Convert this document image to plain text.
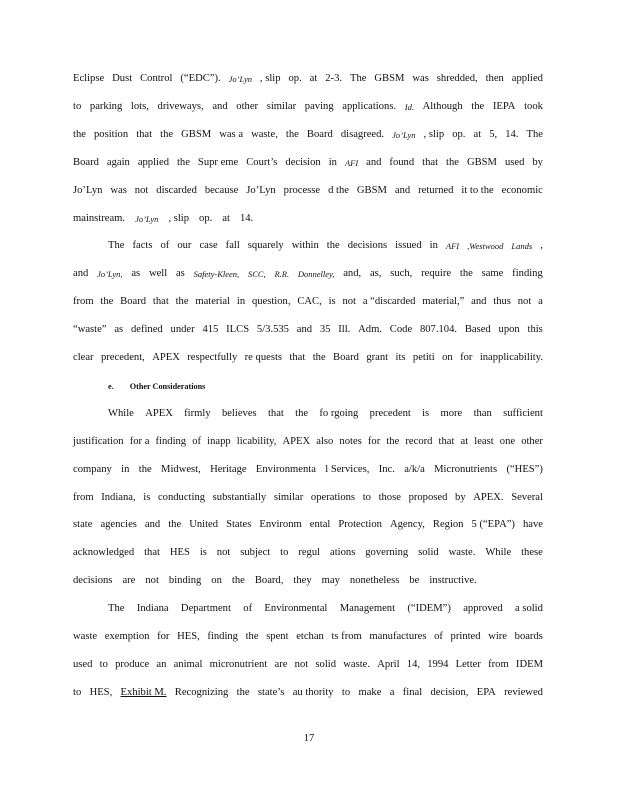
Eclipse Dust Control (“EDC”). Jo’Lyn , slip op. at 2-3. The GBSM was shredded, then applied
to parking lots, driveways, and other similar paving applications. Id. Although the IEPA took
the position that the GBSM was a waste, the Board disagreed. Jo’Lyn , slip op. at 5, 14. The
Board again applied the Supr eme Court’s decision in AFI and found that the GBSM used by
Jo’Lyn was not discarded because Jo’Lyn processe d the GBSM and returned it to the economic
mainstream. Jo’Lyn , slip op. at 14.
The facts of our case fall squarely within the decisions issued in AFI ,Westwood Lands ,
and Jo’Lyn, as well as Safety-Kleen, SCC, R.R. Donnelley, and, as, such, require the same finding
from the Board that the material in question, CAC, is not a “discarded material,” and thus not a
“waste” as defined under 415 ILCS 5/3.535 and 35 Ill. Adm. Code 807.104. Based upon this
clear precedent, APEX respectfully re quests that the Board grant its petiti on for inapplicability.
While APEX firmly believes that the fo rgoing precedent is more than sufficient
justification for a finding of inapp licability, APEX also notes for the record that at least one other
company in the Midwest, Heritage Environmenta l Services, Inc. a/k/a Micronutrients (“HES”)
from Indiana, is conducting substantially similar operations to those proposed by APEX. Several
state agencies and the United States Environm ental Protection Agency, Region 5 (“EPA”) have
acknowledged that HES is not subject to regul ations governing solid waste. While these
decisions are not binding on the Board, they may nonetheless be instructive.
The Indiana Department of Environmental Management (“IDEM”) approved a solid
waste exemption for HES, finding the spent etchan ts from manufactures of printed wire boards
used to produce an animal micronutrient are not solid waste. April 14, 1994 Letter from IDEM
to HES, Exhibit M. Recognizing the state’s au thority to make a final decision, EPA reviewed
e. Other Considerations
17
